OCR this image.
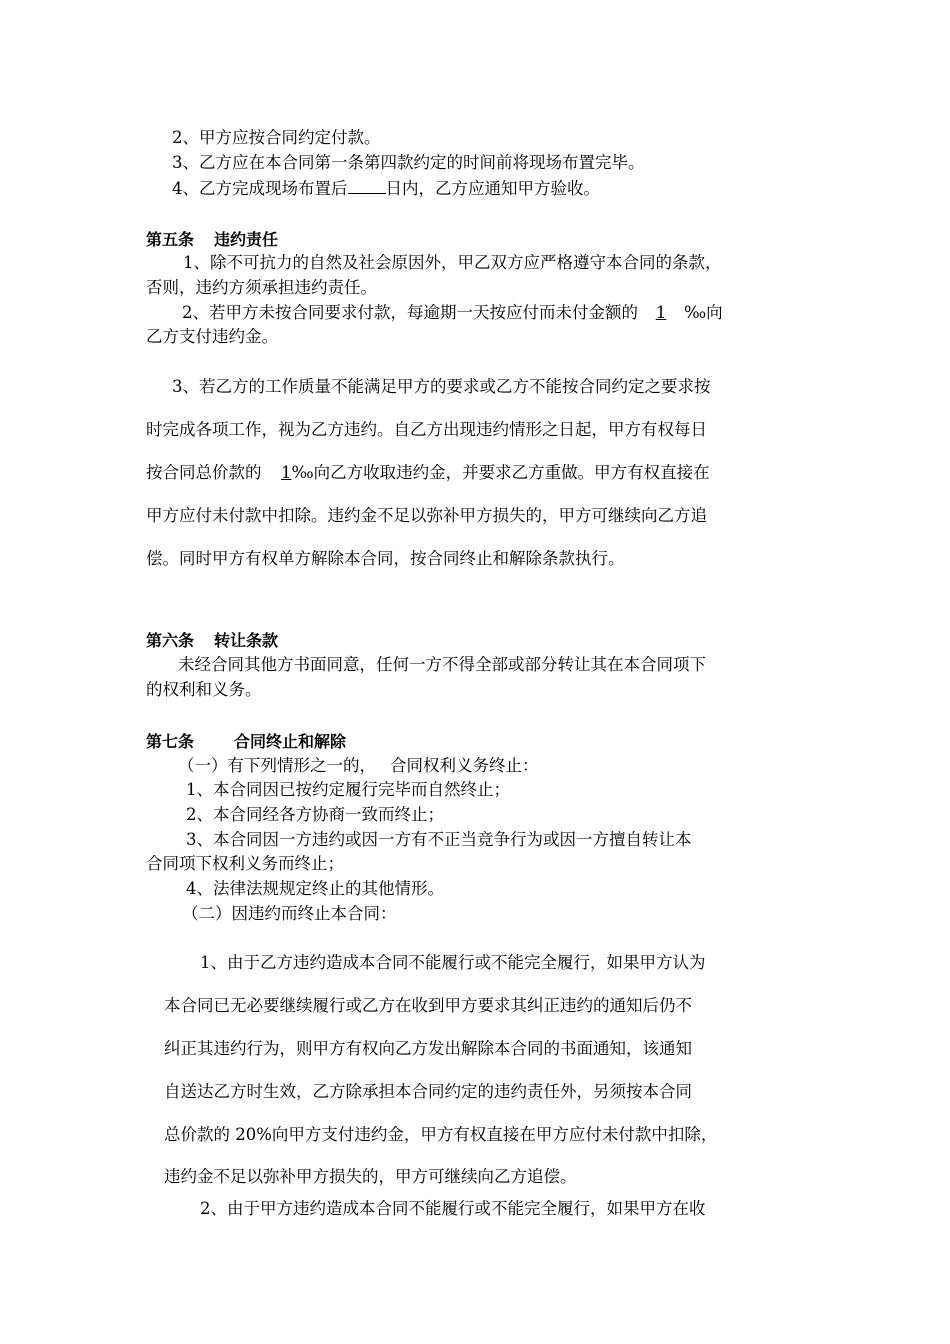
2、甲方应按合同约定付款。
3、乙方应在本合同第一条第四款约定的时间前将现场布置完毕。
4、乙方完成现场布置后 日内，乙方应通知甲方验收。
第五条 违约责任
1、除不可抗力的自然及社会原因外，甲乙双方应严格遵守本合同的条款，
否则，违约方须承担违约责任。
2、若甲方未按合同要求付款，每逾期一天按应付而未付金额的 1 ‰向
乙方支付违约金。
3、若乙方的工作质量不能满足甲方的要求或乙方不能按合同约定之要求按
时完成各项工作，视为乙方违约。自乙方出现违约情形之日起，甲方有权每日
按合同总价款的 1‰向乙方收取违约金，并要求乙方重做。甲方有权直接在
甲方应付未付款中扣除。违约金不足以弥补甲方损失的，甲方可继续向乙方追
偿。同时甲方有权单方解除本合同，按合同终止和解除条款执行。
第六条 转让条款
未经合同其他方书面同意，任何一方不得全部或部分转让其在本合同项下
的权利和义务。
第七条	合同终止和解除
（一）有下列情形之一的， 合同权利义务终止：
1、本合同因已按约定履行完毕而自然终止；
2、本合同经各方协商一致而终止；
3、本合同因一方违约或因一方有不正当竞争行为或因一方擅自转让本
合同项下权利义务而终止；
4、法律法规规定终止的其他情形。
（二）因违约而终止本合同：
1、由于乙方违约造成本合同不能履行或不能完全履行，如果甲方认为
本合同已无必要继续履行或乙方在收到甲方要求其纠正违约的通知后仍不
纠正其违约行为，则甲方有权向乙方发出解除本合同的书面通知，该通知
自送达乙方时生效，乙方除承担本合同约定的违约责任外，另须按本合同
总价款的 20%向甲方支付违约金，甲方有权直接在甲方应付未付款中扣除，
违约金不足以弥补甲方损失的，甲方可继续向乙方追偿。
2、由于甲方违约造成本合同不能履行或不能完全履行，如果甲方在收
